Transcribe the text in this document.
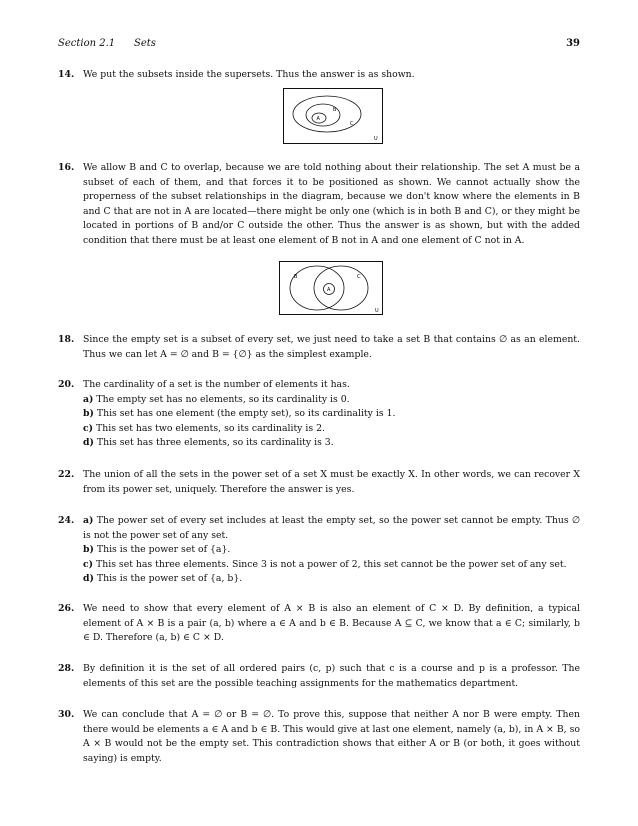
Section 2.1 Sets	39
14. We put the subsets inside the supersets. Thus the answer is as shown.

A
B
C
U
16. We allow B and C to overlap, because we are told nothing about their relationship. The set A must be a subset of each of them, and that forces it to be positioned as shown. We cannot actually show the properness of the subset relationships in the diagram, because we don't know where the elements in B and C that are not in A are located—there might be only one (which is in both B and C), or they might be located in portions of B and/or C outside the other. Thus the answer is as shown, but with the added condition that there must be at least one element of B not in A and one element of C not in A.

B	C
A
U
18. Since the empty set is a subset of every set, we just need to take a set B that contains ∅ as an element. Thus we can let A = ∅ and B = {∅} as the simplest example.

20. The cardinality of a set is the number of elements it has.

a) The empty set has no elements, so its cardinality is 0.

b) This set has one element (the empty set), so its cardinality is 1.

c) This set has two elements, so its cardinality is 2.

d) This set has three elements, so its cardinality is 3.

22. The union of all the sets in the power set of a set X must be exactly X. In other words, we can recover X from its power set, uniquely. Therefore the answer is yes.

24. a) The power set of every set includes at least the empty set, so the power set cannot be empty. Thus ∅ is not the power set of any set.

b) This is the power set of {a}.

c) This set has three elements. Since 3 is not a power of 2, this set cannot be the power set of any set.

d) This is the power set of {a, b}.

26. We need to show that every element of A × B is also an element of C × D. By definition, a typical element of A × B is a pair (a, b) where a ∈ A and b ∈ B. Because A ⊆ C, we know that a ∈ C; similarly, b ∈ D. Therefore (a, b) ∈ C × D.

28. By definition it is the set of all ordered pairs (c, p) such that c is a course and p is a professor. The elements of this set are the possible teaching assignments for the mathematics department.

30. We can conclude that A = ∅ or B = ∅. To prove this, suppose that neither A nor B were empty. Then there would be elements a ∈ A and b ∈ B. This would give at last one element, namely (a, b), in A × B, so A × B would not be the empty set. This contradiction shows that either A or B (or both, it goes without saying) is empty.
